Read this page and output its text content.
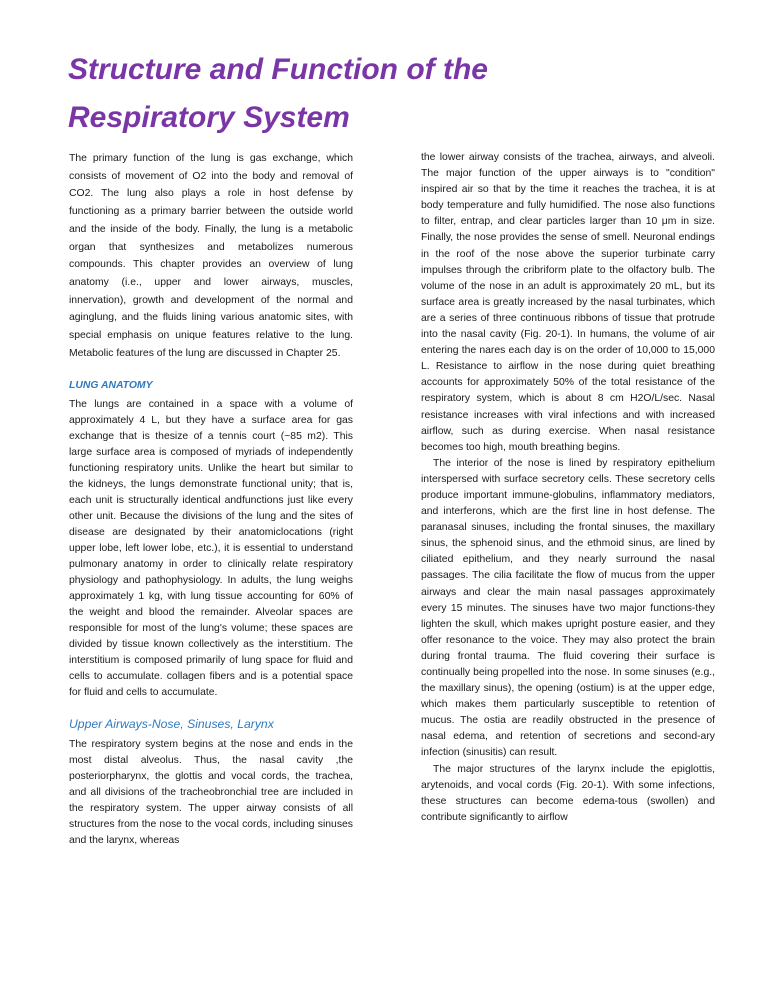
Structure and Function of the
Respiratory System

The primary function of the lung is gas exchange, which consists of movement of O2 into the body and removal of CO2. The lung also plays a role in host defense by functioning as a primary barrier between the outside world and the inside of the body. Finally, the lung is a metabolic organ that synthesizes and metabolizes numerous compounds. This chapter provides an overview of lung anatomy (i.e., upper and lower airways, muscles, innervation), growth and development of the normal and aginglung, and the fluids lining various anatomic sites, with special emphasis on unique features relative to the lung. Metabolic features of the lung are discussed in Chapter 25.

LUNG ANATOMY

The lungs are contained in a space with a volume of approximately 4 L, but they have a surface area for gas exchange that is thesize of a tennis court (~85 m2). This large surface area is composed of myriads of independently functioning respiratory units. Unlike the heart but similar to the kidneys, the lungs demonstrate functional unity; that is, each unit is structurally identical andfunctions just like every other unit. Because the divisions of the lung and the sites of disease are designated by their anatomiclocations (right upper lobe, left lower lobe, etc.), it is essential to understand pulmonary anatomy in order to clinically relate respiratory physiology and pathophysiology. In adults, the lung weighs approximately 1 kg, with lung tissue accounting for 60% of the weight and blood the remainder. Alveolar spaces are responsible for most of the lung's volume; these spaces are divided by tissue known collectively as the interstitium. The interstitium is composed primarily of lung space for fluid and cells to accumulate. collagen fibers and is a potential space for fluid and cells to accumulate.

Upper Airways-Nose, Sinuses, Larynx

The respiratory system begins at the nose and ends in the most distal alveolus. Thus, the nasal cavity ,the posteriorpharynx, the glottis and vocal cords, the trachea, and all divisions of the tracheobronchial tree are included in the respiratory system. The upper airway consists of all structures from the nose to the vocal cords, including sinuses and the larynx, whereas

the lower airway consists of the trachea, airways, and alveoli. The major function of the upper airways is to "condition" inspired air so that by the time it reaches the trachea, it is at body temperature and fully humidified. The nose also functions to filter, entrap, and clear particles larger than 10 μm in size. Finally, the nose provides the sense of smell. Neuronal endings in the roof of the nose above the superior turbinate carry impulses through the cribriform plate to the olfactory bulb. The volume of the nose in an adult is approximately 20 mL, but its surface area is greatly increased by the nasal turbinates, which are a series of three continuous ribbons of tissue that protrude into the nasal cavity (Fig. 20-1). In humans, the volume of air entering the nares each day is on the order of 10,000 to 15,000 L. Resistance to airflow in the nose during quiet breathing accounts for approximately 50% of the total resistance of the respiratory system, which is about 8 cm H2O/L/sec. Nasal resistance increases with viral infections and with increased airflow, such as during exercise. When nasal resistance becomes too high, mouth breathing begins.

The interior of the nose is lined by respiratory epithelium interspersed with surface secretory cells. These secretory cells produce important immune-globulins, inflammatory mediators, and interferons, which are the first line in host defense. The paranasal sinuses, including the frontal sinuses, the maxillary sinus, the sphenoid sinus, and the ethmoid sinus, are lined by ciliated epithelium, and they nearly surround the nasal passages. The cilia facilitate the flow of mucus from the upper airways and clear the main nasal passages approximately every 15 minutes. The sinuses have two major functions-they lighten the skull, which makes upright posture easier, and they offer resonance to the voice. They may also protect the brain during frontal trauma. The fluid covering their surface is continually being propelled into the nose. In some sinuses (e.g., the maxillary sinus), the opening (ostium) is at the upper edge, which makes them particularly susceptible to retention of mucus. The ostia are readily obstructed in the presence of nasal edema, and retention of secretions and second-ary infection (sinusitis) can result.

The major structures of the larynx include the epiglottis, arytenoids, and vocal cords (Fig. 20-1). With some infections, these structures can become edema-tous (swollen) and contribute significantly to airflow
